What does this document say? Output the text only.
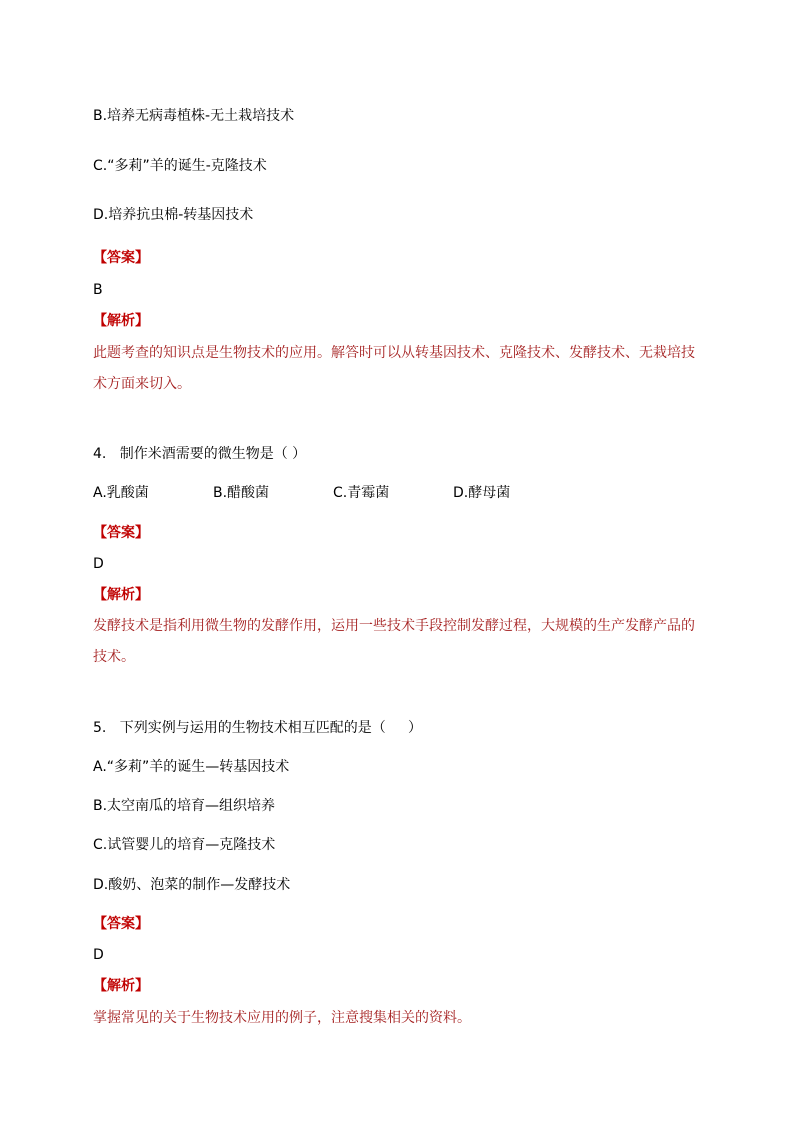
B.培养无病毒植株-无土栽培技术
C.“多莉”羊的诞生-克隆技术
D.培养抗虫棉-转基因技术
【答案】
B
【解析】
此题考查的知识点是生物技术的应用。解答时可以从转基因技术、克隆技术、发酵技术、无栽培技术方面来切入。
4.   制作米酒需要的微生物是（ ）
A.乳酸菌	B.醋酸菌	C.青霉菌	D.酵母菌
【答案】
D
【解析】
发酵技术是指利用微生物的发酵作用，运用一些技术手段控制发酵过程，大规模的生产发酵产品的技术。
5.   下列实例与运用的生物技术相互匹配的是（     ）
A.“多莉”羊的诞生—转基因技术
B.太空南瓜的培育—组织培养
C.试管婴儿的培育—克隆技术
D.酸奶、泡菜的制作—发酵技术
【答案】
D
【解析】
掌握常见的关于生物技术应用的例子，注意搜集相关的资料。
